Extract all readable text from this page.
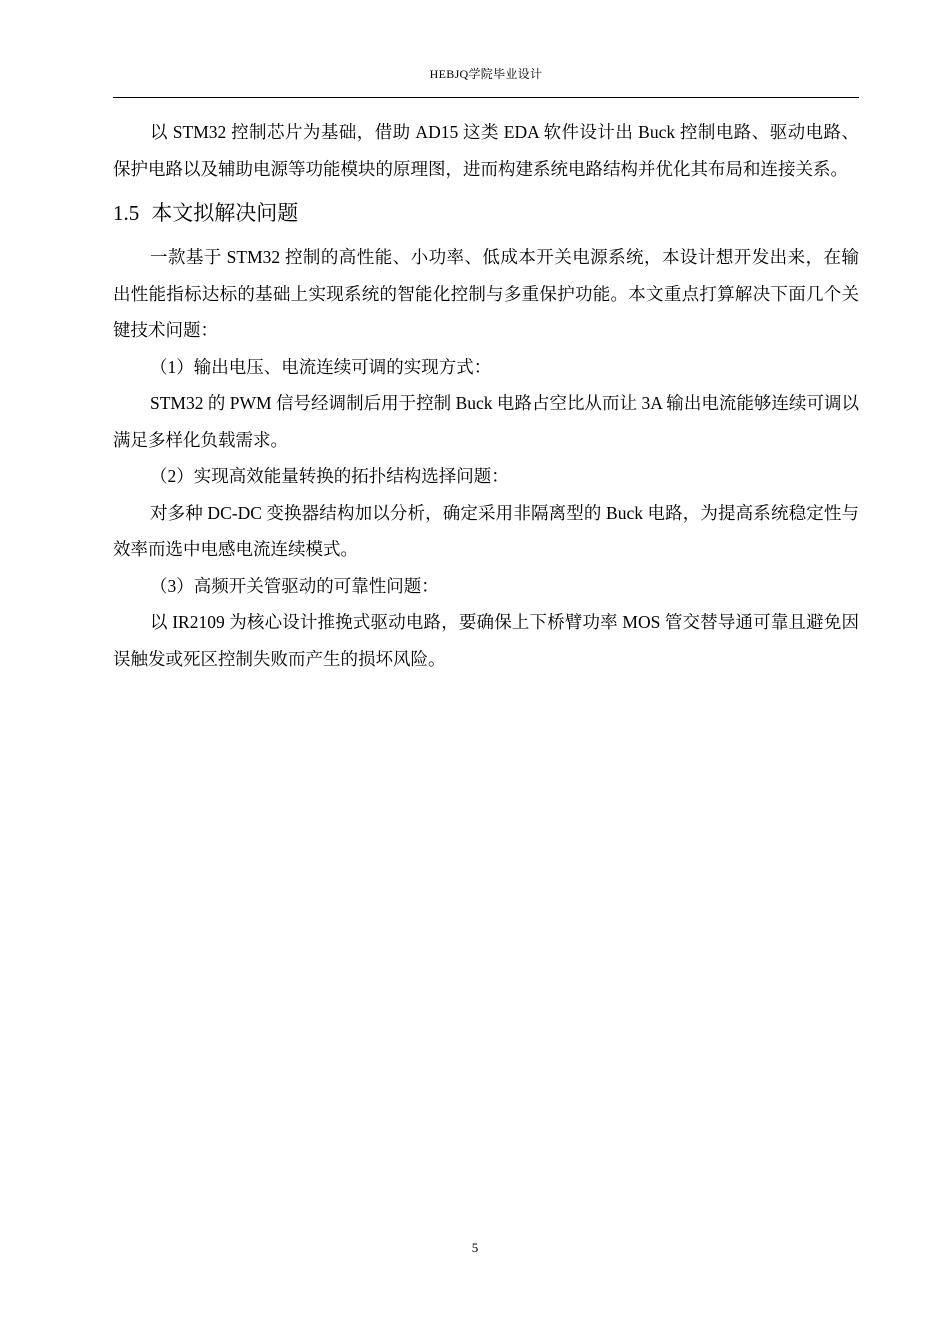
HEBJQ学院毕业设计

以 STM32 控制芯片为基础，借助 AD15 这类 EDA 软件设计出 Buck 控制电路、驱动电路、保护电路以及辅助电源等功能模块的原理图，进而构建系统电路结构并优化其布局和连接关系。

1.5 本文拟解决问题

一款基于 STM32 控制的高性能、小功率、低成本开关电源系统，本设计想开发出来，在输出性能指标达标的基础上实现系统的智能化控制与多重保护功能。本文重点打算解决下面几个关键技术问题：

（1）输出电压、电流连续可调的实现方式：

STM32 的 PWM 信号经调制后用于控制 Buck 电路占空比从而让 3A 输出电流能够连续可调以满足多样化负载需求。

（2）实现高效能量转换的拓扑结构选择问题：

对多种 DC-DC 变换器结构加以分析，确定采用非隔离型的 Buck 电路，为提高系统稳定性与效率而选中电感电流连续模式。

（3）高频开关管驱动的可靠性问题：

以 IR2109 为核心设计推挽式驱动电路，要确保上下桥臂功率 MOS 管交替导通可靠且避免因误触发或死区控制失败而产生的损坏风险。

5
